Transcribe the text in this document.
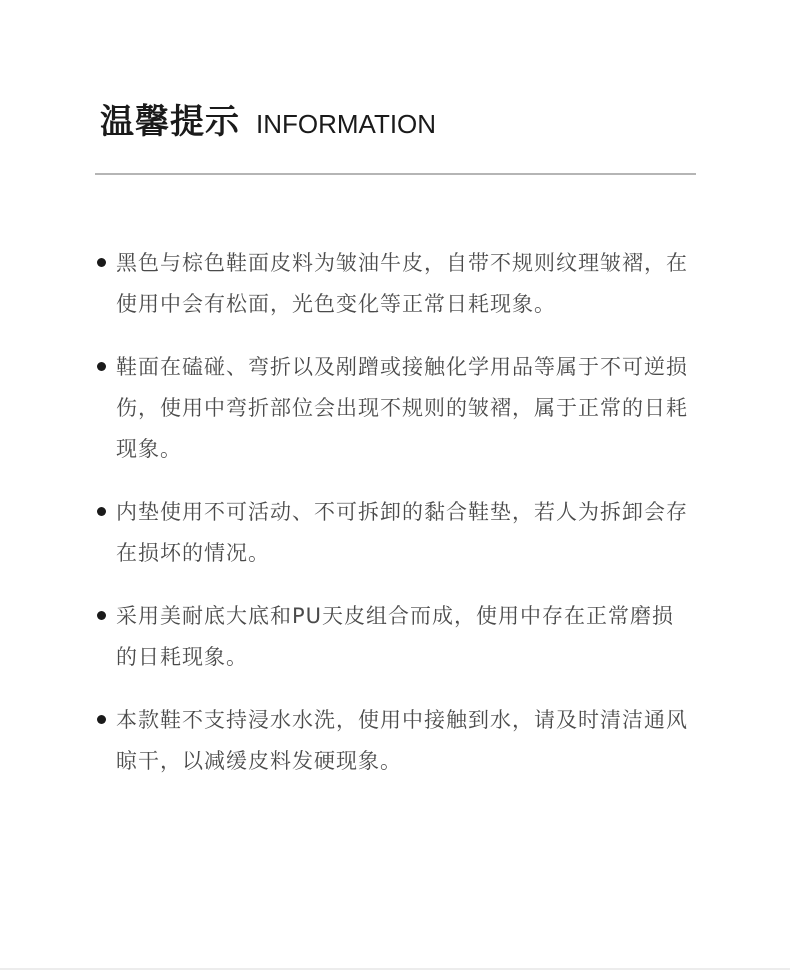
温馨提示 INFORMATION
黑色与棕色鞋面皮料为皱油牛皮，自带不规则纹理皱褶，在使用中会有松面，光色变化等正常日耗现象。
鞋面在磕碰、弯折以及剐蹭或接触化学用品等属于不可逆损伤，使用中弯折部位会出现不规则的皱褶，属于正常的日耗现象。
内垫使用不可活动、不可拆卸的黏合鞋垫，若人为拆卸会存在损坏的情况。
采用美耐底大底和PU天皮组合而成，使用中存在正常磨损的日耗现象。
本款鞋不支持浸水水洗，使用中接触到水，请及时清洁通风晾干，以减缓皮料发硬现象。
